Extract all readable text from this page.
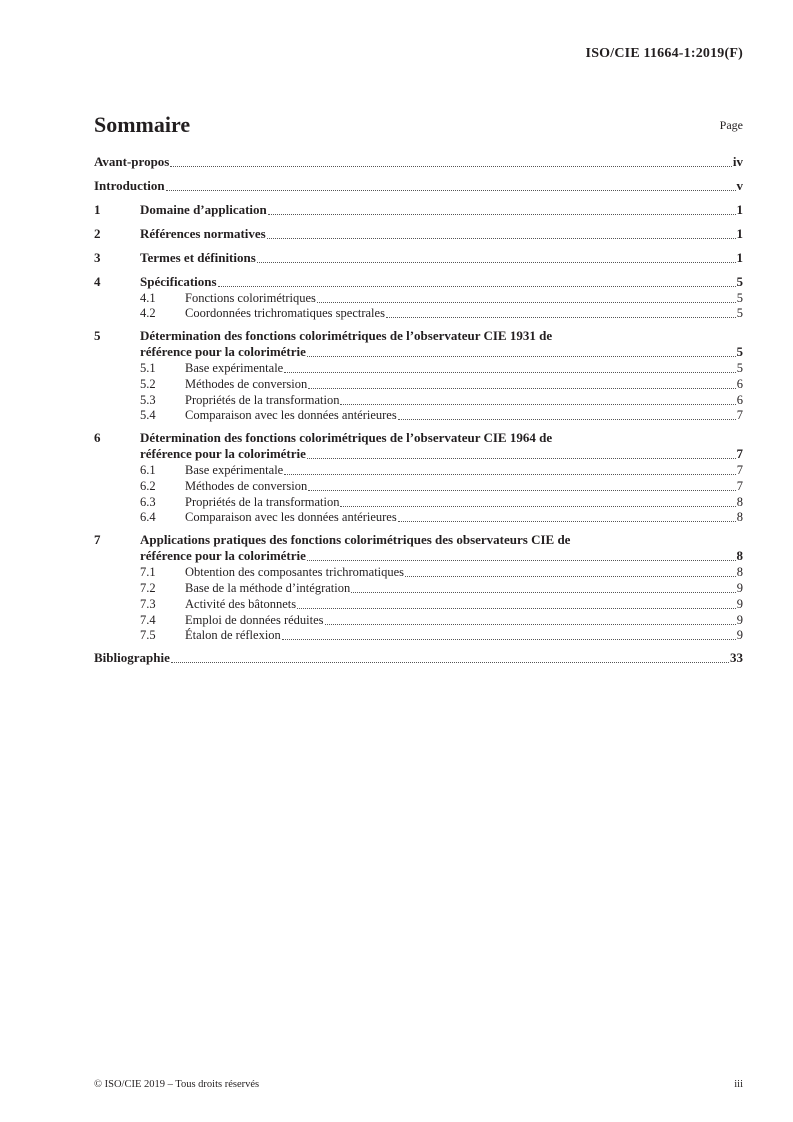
ISO/CIE 11664-1:2019(F)
Sommaire	Page
Avant-propos	iv
Introduction	v
1	Domaine d’application	1
2	Références normatives	1
3	Termes et définitions	1
4	Spécifications	5
4.1 Fonctions colorimétriques	5
4.2 Coordonnées trichromatiques spectrales	5
5	Détermination des fonctions colorimétriques de l’observateur CIE 1931 de
référence pour la colorimétrie	5
5.1 Base expérimentale	5
5.2 Méthodes de conversion	6
5.3 Propriétés de la transformation	6
5.4 Comparaison avec les données antérieures	7
6	Détermination des fonctions colorimétriques de l’observateur CIE 1964 de
référence pour la colorimétrie	7
6.1 Base expérimentale	7
6.2 Méthodes de conversion	7
6.3 Propriétés de la transformation	8
6.4 Comparaison avec les données antérieures	8
7	Applications pratiques des fonctions colorimétriques des observateurs CIE de
référence pour la colorimétrie	8
7.1 Obtention des composantes trichromatiques	8
7.2 Base de la méthode d’intégration	9
7.3 Activité des bâtonnets	9
7.4 Emploi de données réduites	9
7.5 Étalon de réflexion	9
Bibliographie	33
© ISO/CIE 2019 – Tous droits réservés	iii
